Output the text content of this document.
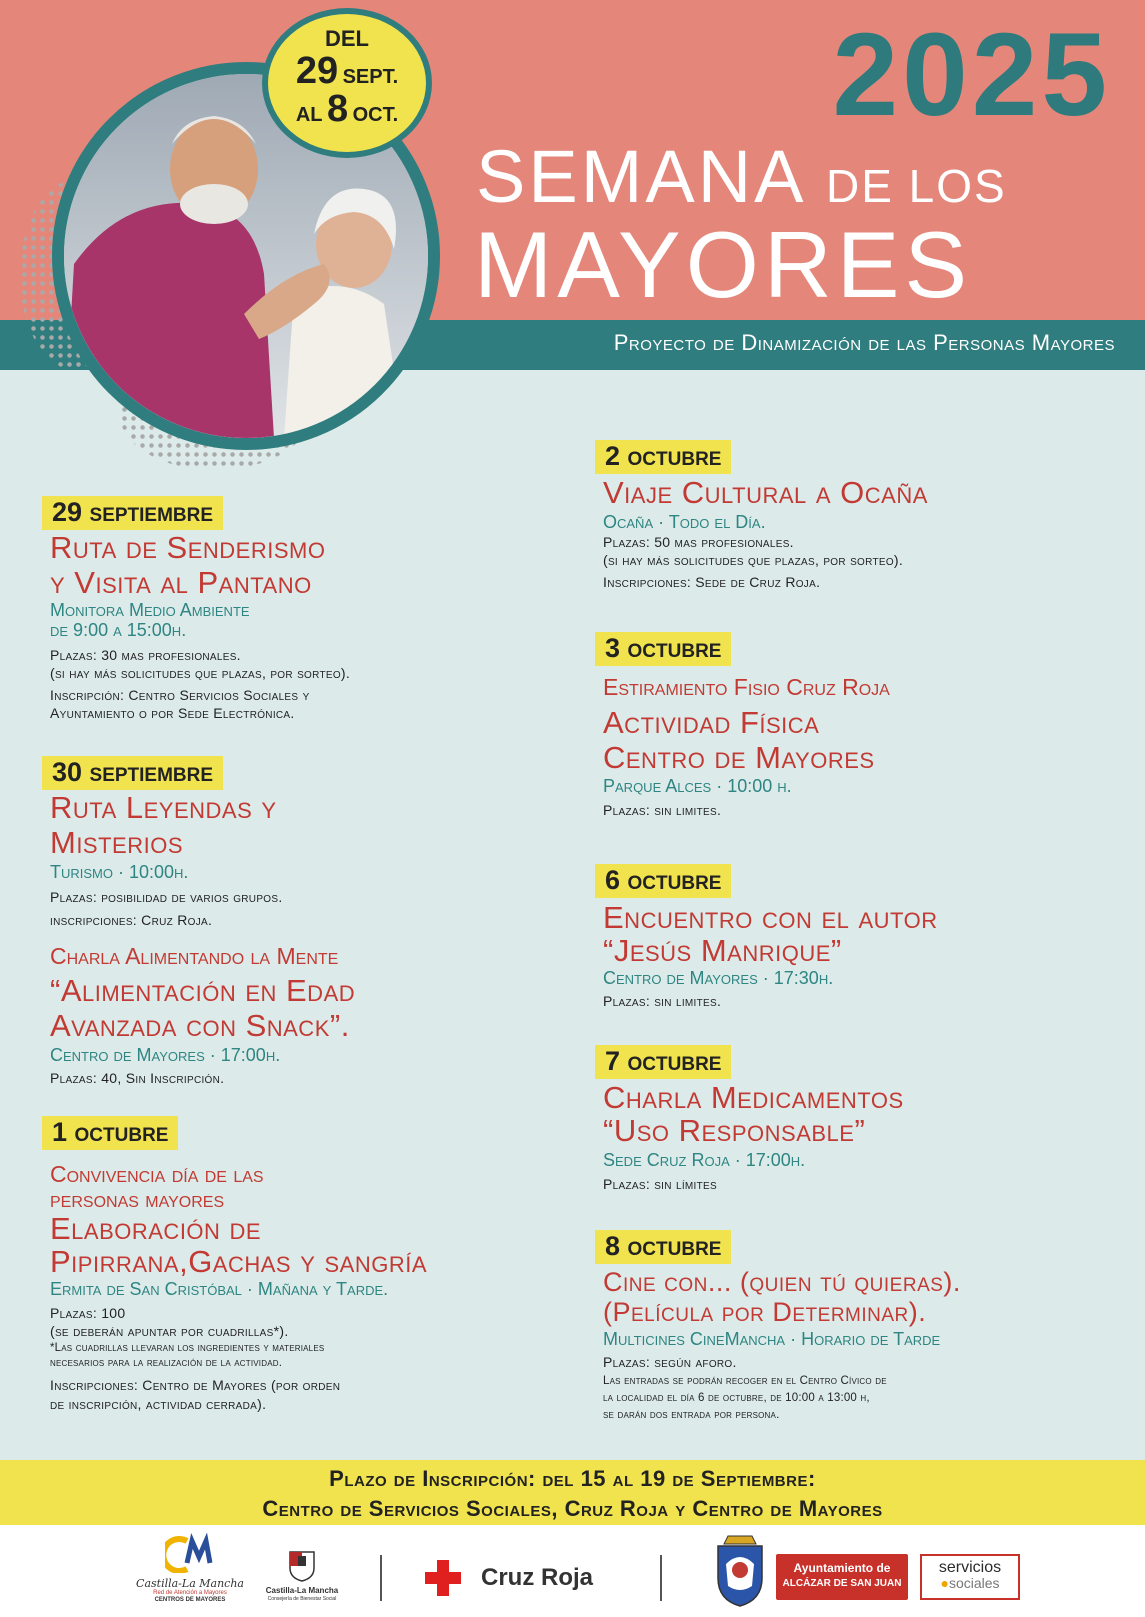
Proyecto de Dinamización de las Personas Mayores
2025
SEMANA DE LOS
MAYORES
DEL
29 SEPT.
AL 8 OCT.
29 septiembre
Ruta de Senderismo
y Visita al Pantano
Monitora Medio Ambiente
de 9:00 a 15:00h.
Plazas: 30 mas profesionales.
(si hay más solicitudes que plazas, por sorteo).
Inscripción: Centro Servicios Sociales y
Ayuntamiento o por Sede Electrónica.
30 septiembre
Ruta Leyendas y
Misterios
Turismo · 10:00h.
Plazas: posibilidad de varios grupos.
inscripciones: Cruz Roja.
Charla Alimentando la Mente
“Alimentación en Edad
Avanzada con Snack”.
Centro de Mayores · 17:00h.
Plazas: 40, Sin Inscripción.
1 octubre
Convivencia día de las
personas mayores
Elaboración de
Pipirrana,Gachas y sangría
Ermita de San Cristóbal · Mañana y Tarde.
Plazas: 100
(se deberán apuntar por cuadrillas*).
*Las cuadrillas llevaran los ingredientes y materiales
necesarios para la realización de la actividad.
Inscripciones: Centro de Mayores (por orden
de inscripción, actividad cerrada).
2 octubre
Viaje Cultural a Ocaña
Ocaña · Todo el Día.
Plazas: 50 mas profesionales.
(si hay más solicitudes que plazas, por sorteo).
Inscripciones: Sede de Cruz Roja.
3 octubre
Estiramiento Fisio Cruz Roja
Actividad Física
Centro de Mayores
Parque Alces · 10:00 h.
Plazas: sin limites.
6 octubre
Encuentro con el autor
“Jesús Manrique”
Centro de Mayores · 17:30h.
Plazas: sin limites.
7 octubre
Charla Medicamentos
“Uso Responsable”
Sede Cruz Roja · 17:00h.
Plazas: sin límites
8 octubre
Cine con... (quien tú quieras).
(Película por Determinar).
Multicines CineMancha · Horario de Tarde
Plazas: según aforo.
Las entradas se podrán recoger en el Centro Cívico de
la localidad el día 6 de octubre, de 10:00 a 13:00 h,
se darán dos entrada por persona.
Plazo de Inscripción: del 15 al 19 de Septiembre:
Centro de Servicios Sociales, Cruz Roja y Centro de Mayores
Castilla-La Mancha
Red de Atención a Mayores
CENTROS DE MAYORES
Castilla-La Mancha
Consejería de Bienestar Social
Cruz Roja	Ayuntamiento de
ALCÁZAR DE SAN JUAN
servicios
●sociales
